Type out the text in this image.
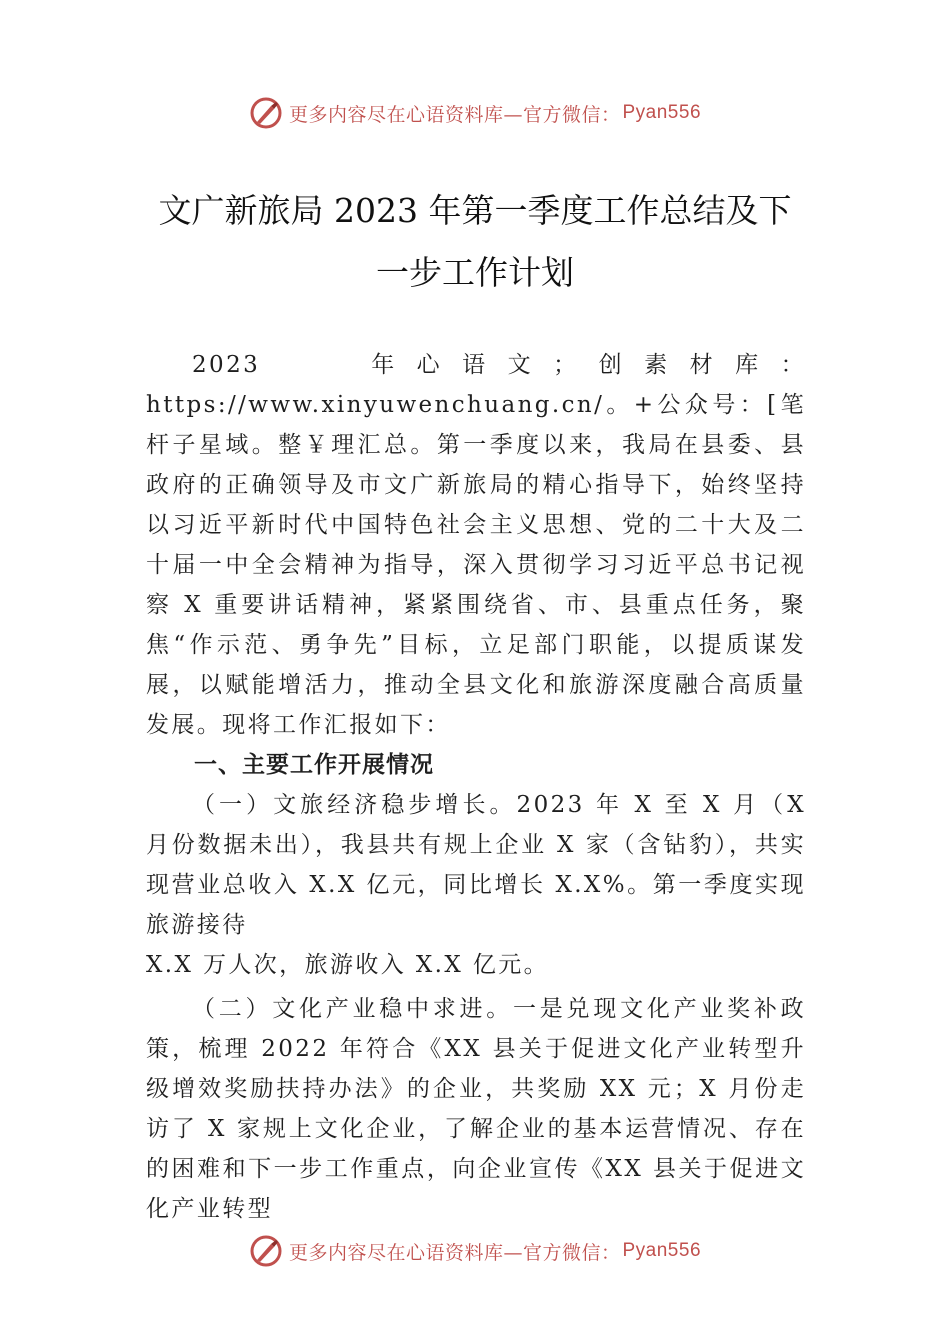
更多内容尽在心语资料库—官方微信： Pyan556
文广新旅局 2023 年第一季度工作总结及下
一步工作计划

2023　　年心语文；创素材库：https://www.xinyuwenchuang.cn/。+公众号：[笔杆子星域。整￥理汇总。第一季度以来，我局在县委、县政府的正确领导及市文广新旅局的精心指导下，始终坚持以习近平新时代中国特色社会主义思想、党的二十大及二十届一中全会精神为指导，深入贯彻学习习近平总书记视察 X 重要讲话精神，紧紧围绕省、市、县重点任务，聚焦“作示范、勇争先”目标，立足部门职能，以提质谋发展，以赋能增活力，推动全县文化和旅游深度融合高质量发展。现将工作汇报如下：

一、主要工作开展情况

（一）文旅经济稳步增长。2023 年 X 至 X 月（X 月份数据未出），我县共有规上企业 X 家（含钻豹），共实现营业总收入 X.X 亿元，同比增长 X.X%。第一季度实现旅游接待

X.X 万人次，旅游收入 X.X 亿元。

（二）文化产业稳中求进。一是兑现文化产业奖补政策，梳理 2022 年符合《XX 县关于促进文化产业转型升级增效奖励扶持办法》的企业，共奖励 XX 元；X 月份走访了 X 家规上文化企业，了解企业的基本运营情况、存在的困难和下一步工作重点，向企业宣传《XX 县关于促进文化产业转型

更多内容尽在心语资料库—官方微信： Pyan556
